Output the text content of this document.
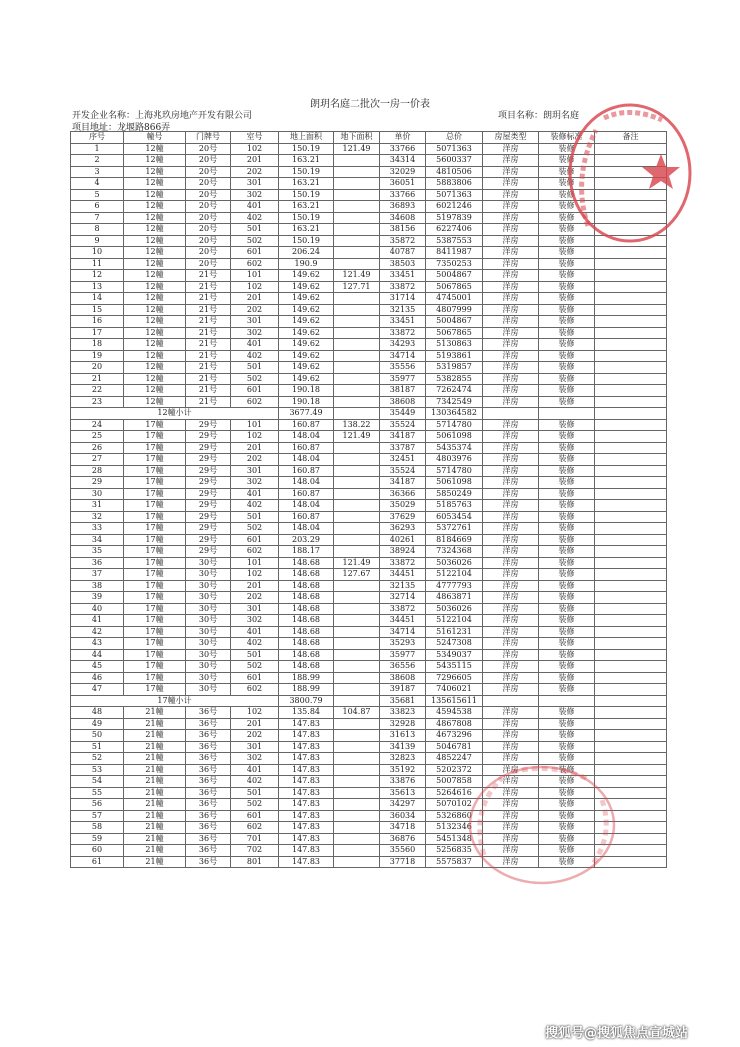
朗玥名庭二批次一房一价表
开发企业名称：上海兆玖房地产开发有限公司	项目名称：朗玥名庭
项目地址：龙堰路866弄
序号	幢号	门牌号	室号	地上面积	地下面积	单价	总价	房屋类型	装修标准	备注
1	12幢	20号	102	150.19	121.49	33766	5071363	洋房	装修	
2	12幢	20号	201	163.21		34314	5600337	洋房	装修	
3	12幢	20号	202	150.19		32029	4810506	洋房	装修	
4	12幢	20号	301	163.21		36051	5883806	洋房	装修	
5	12幢	20号	302	150.19		33766	5071363	洋房	装修	
6	12幢	20号	401	163.21		36893	6021246	洋房	装修	
7	12幢	20号	402	150.19		34608	5197839	洋房	装修	
8	12幢	20号	501	163.21		38156	6227406	洋房	装修	
9	12幢	20号	502	150.19		35872	5387553	洋房	装修	
10	12幢	20号	601	206.24		40787	8411987	洋房	装修	
11	12幢	20号	602	190.9		38503	7350253	洋房	装修	
12	12幢	21号	101	149.62	121.49	33451	5004867	洋房	装修	
13	12幢	21号	102	149.62	127.71	33872	5067865	洋房	装修	
14	12幢	21号	201	149.62		31714	4745001	洋房	装修	
15	12幢	21号	202	149.62		32135	4807999	洋房	装修	
16	12幢	21号	301	149.62		33451	5004867	洋房	装修	
17	12幢	21号	302	149.62		33872	5067865	洋房	装修	
18	12幢	21号	401	149.62		34293	5130863	洋房	装修	
19	12幢	21号	402	149.62		34714	5193861	洋房	装修	
20	12幢	21号	501	149.62		35556	5319857	洋房	装修	
21	12幢	21号	502	149.62		35977	5382855	洋房	装修	
22	12幢	21号	601	190.18		38187	7262474	洋房	装修	
23	12幢	21号	602	190.18		38608	7342549	洋房	装修	
12幢小计				3677.49		35449	130364582			
24	17幢	29号	101	160.87	138.22	35524	5714780	洋房	装修	
25	17幢	29号	102	148.04	121.49	34187	5061098	洋房	装修	
26	17幢	29号	201	160.87		33787	5435374	洋房	装修	
27	17幢	29号	202	148.04		32451	4803976	洋房	装修	
28	17幢	29号	301	160.87		35524	5714780	洋房	装修	
29	17幢	29号	302	148.04		34187	5061098	洋房	装修	
30	17幢	29号	401	160.87		36366	5850249	洋房	装修	
31	17幢	29号	402	148.04		35029	5185763	洋房	装修	
32	17幢	29号	501	160.87		37629	6053454	洋房	装修	
33	17幢	29号	502	148.04		36293	5372761	洋房	装修	
34	17幢	29号	601	203.29		40261	8184669	洋房	装修	
35	17幢	29号	602	188.17		38924	7324368	洋房	装修	
36	17幢	30号	101	148.68	121.49	33872	5036026	洋房	装修	
37	17幢	30号	102	148.68	127.67	34451	5122104	洋房	装修	
38	17幢	30号	201	148.68		32135	4777793	洋房	装修	
39	17幢	30号	202	148.68		32714	4863871	洋房	装修	
40	17幢	30号	301	148.68		33872	5036026	洋房	装修	
41	17幢	30号	302	148.68		34451	5122104	洋房	装修	
42	17幢	30号	401	148.68		34714	5161231	洋房	装修	
43	17幢	30号	402	148.68		35293	5247308	洋房	装修	
44	17幢	30号	501	148.68		35977	5349037	洋房	装修	
45	17幢	30号	502	148.68		36556	5435115	洋房	装修	
46	17幢	30号	601	188.99		38608	7296605	洋房	装修	
47	17幢	30号	602	188.99		39187	7406021	洋房	装修	
17幢小计				3800.79		35681	135615611			
48	21幢	36号	102	135.84	104.87	33823	4594538	洋房	装修	
49	21幢	36号	201	147.83		32928	4867808	洋房	装修	
50	21幢	36号	202	147.83		31613	4673296	洋房	装修	
51	21幢	36号	301	147.83		34139	5046781	洋房	装修	
52	21幢	36号	302	147.83		32823	4852247	洋房	装修	
53	21幢	36号	401	147.83		35192	5202372	洋房	装修	
54	21幢	36号	402	147.83		33876	5007858	洋房	装修	
55	21幢	36号	501	147.83		35613	5264616	洋房	装修	
56	21幢	36号	502	147.83		34297	5070102	洋房	装修	
57	21幢	36号	601	147.83		36034	5326860	洋房	装修	
58	21幢	36号	602	147.83		34718	5132346	洋房	装修	
59	21幢	36号	701	147.83		36876	5451348	洋房	装修	
60	21幢	36号	702	147.83		35560	5256835	洋房	装修	
61	21幢	36号	801	147.83		37718	5575837	洋房	装修	
搜狐号@搜狐焦点宣城站
